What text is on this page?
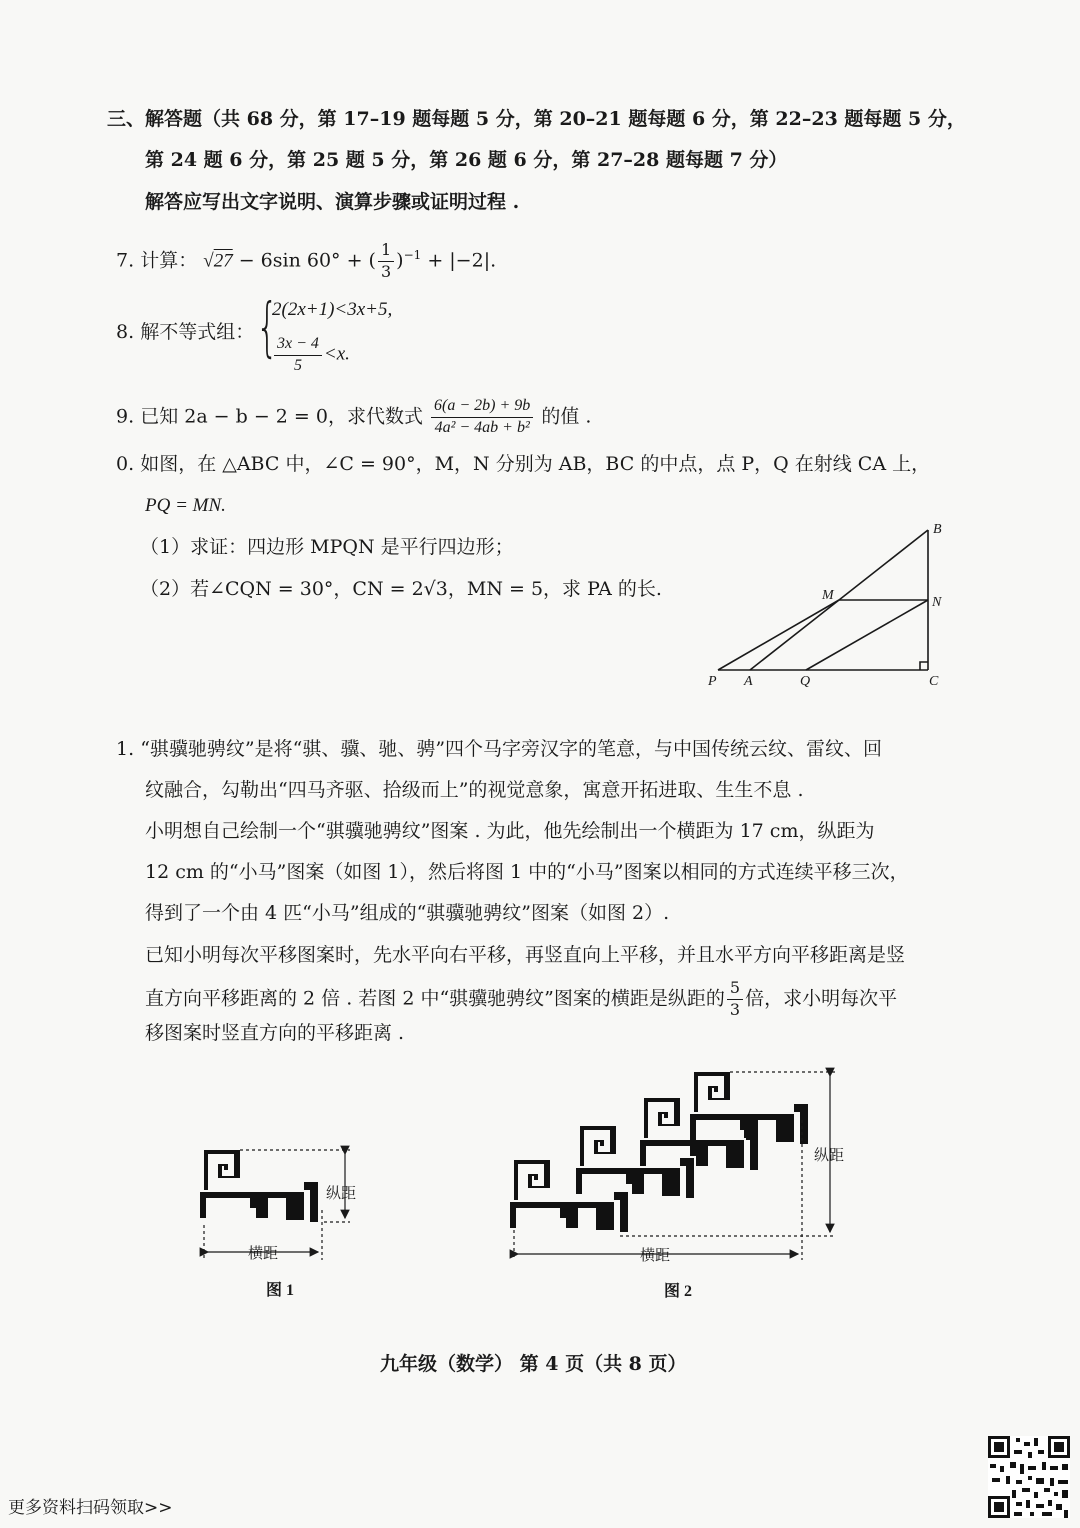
三、解答题（共 68 分，第 17–19 题每题 5 分，第 20–21 题每题 6 分，第 22–23 题每题 5 分，
第 24 题 6 分，第 25 题 5 分，第 26 题 6 分，第 27–28 题每题 7 分）
解答应写出文字说明、演算步骤或证明过程 .
7. 计算： √27 − 6sin 60° + ( $\frac{1}{3} )^{-1} + |-2|$.
8. 解不等式组： {
2(2x+1)<3x+5,
$\frac{3x - 4}{5} <x$.
9. 已知 2a − b − 2 = 0，求代数式 $\frac{6(a - 2b) + 9b}{\text{4a² − 4ab + b²}}$ 的值 .
0. 如图，在 △ABC 中，∠C = 90°，M，N 分别为 AB，BC 的中点，点 P，Q 在射线 CA 上，
PQ = MN.
（1）求证：四边形 MPQN 是平行四边形；
（2）若∠CQN = 30°，CN = 2√3，MN = 5，求 PA 的长.
B
M	N
P A	Q	C
1. “骐骥驰骋纹”是将“骐、骥、驰、骋”四个马字旁汉字的笔意，与中国传统云纹、雷纹、回
纹融合，勾勒出“四马齐驱、拾级而上”的视觉意象，寓意开拓进取、生生不息 .
小明想自己绘制一个“骐骥驰骋纹”图案 . 为此，他先绘制出一个横距为 17 cm，纵距为
12 cm 的“小马”图案（如图 1），然后将图 1 中的“小马”图案以相同的方式连续平移三次，
得到了一个由 4 匹“小马”组成的“骐骥驰骋纹”图案（如图 2）.
已知小明每次平移图案时，先水平向右平移，再竖直向上平移，并且水平方向平移距离是竖
直方向平移距离的 2 倍 . 若图 2 中“骐骥驰骋纹”图案的横距是纵距的 $\frac{5}{3}$ 倍，求小明每次平
移图案时竖直方向的平移距离 .
横距
纵距
图 1
横距
纵距
图 2
九年级（数学） 第 4 页（共 8 页）
更多资料扫码领取>>
